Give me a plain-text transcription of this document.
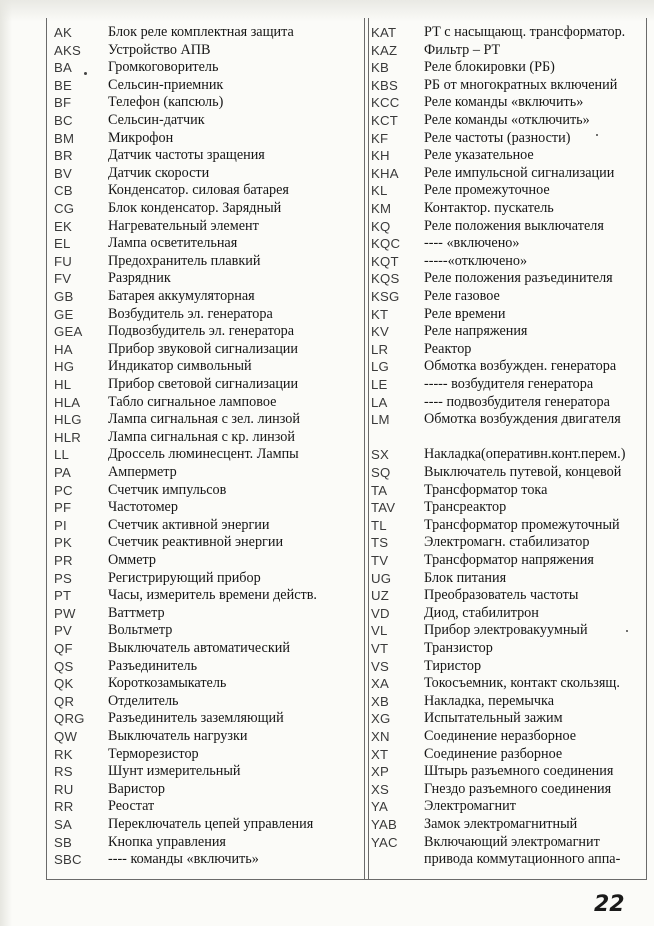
AK	Блок реле комплектная защита
AKS Устройство АПВ
BA	Громкоговоритель
BE	Сельсин-приемник
BF	Телефон (капсюль)
BC Сельсин-датчик
BM Микрофон
BR Датчик частоты зращения
BV	Датчик скорости
CB Конденсатор. силовая батарея
CG Блок конденсатор. Зарядный
EK	Нагревательный элемент
EL	Лампа осветительная
FU	Предохранитель плавкий
FV	Разрядник
GB Батарея аккумуляторная
GE Возбудитель эл. генератора
GEA Подвозбудитель эл. генератора
HA Прибор звуковой сигнализации
HG Индикатор символьный
HL	Прибор световой сигнализации
HLA Табло сигнальное ламповое
HLG Лампа сигнальная с зел. линзой
HLR Лампа сигнальная с кр. линзой
LL	Дроссель люминесцент. Лампы
PA	Амперметр
PC Счетчик импульсов
PF	Частотомер
PI	Счетчик активной энергии
PK	Счетчик реактивной энергии
PR Омметр
PS	Регистрирующий прибор
PT	Часы, измеритель времени действ.
PW Ваттметр
PV	Вольтметр
QF Выключатель автоматический
QS Разъединитель
QK Короткозамыкатель
QR Отделитель
QRG Разъединитель заземляющий
QW Выключатель нагрузки
RK Терморезистор
RS Шунт измерительный
RU Варистор
RR Реостат
SA	Переключатель цепей управления
SB	Кнопка управления
SBC ---- команды «включить»
KAT РТ с насыщающ. трансформатор.
KAZ Фильтр – РТ
KB Реле блокировки (РБ)
KBS РБ от многократных включений
KCC Реле команды «включить»
KCT Реле команды «отключить»
KF	Реле частоты (разности)
KH Реле указательное
KHA Реле импульсной сигнализации
KL	Реле промежуточное
KM Контактор. пускатель
KQ Реле положения выключателя
KQC ---- «включено»
KQT -----«отключено»
KQS Реле положения разъединителя
KSG Реле газовое
KT	Реле времени
KV Реле напряжения
LR	Реактор
LG Обмотка возбужден. генератора
LE	----- возбудителя генератора
LA	---- подвозбудителя генератора
LM Обмотка возбуждения двигателя
SX Накладка(оперативн.конт.перем.)
SQ Выключатель путевой, концевой
TA	Трансформатор тока
TAV Трансреактор
TL	Трансформатор промежуточный
TS	Электромагн. стабилизатор
TV	Трансформатор напряжения
UG Блок питания
UZ Преобразователь частоты
VD Диод, стабилитрон
VL	Прибор электровакуумный
VT	Транзистор
VS Тиристор
XA Токосъемник, контакт скользящ.
XB Накладка, перемычка
XG Испытательный зажим
XN Соединение неразборное
XT	Соединение разборное
XP Штырь разъемного соединения
XS Гнездо разъемного соединения
YA	Электромагнит
YAB Замок электромагнитный
YAC Включающий электромагнит
привода коммутационного аппа-
22
